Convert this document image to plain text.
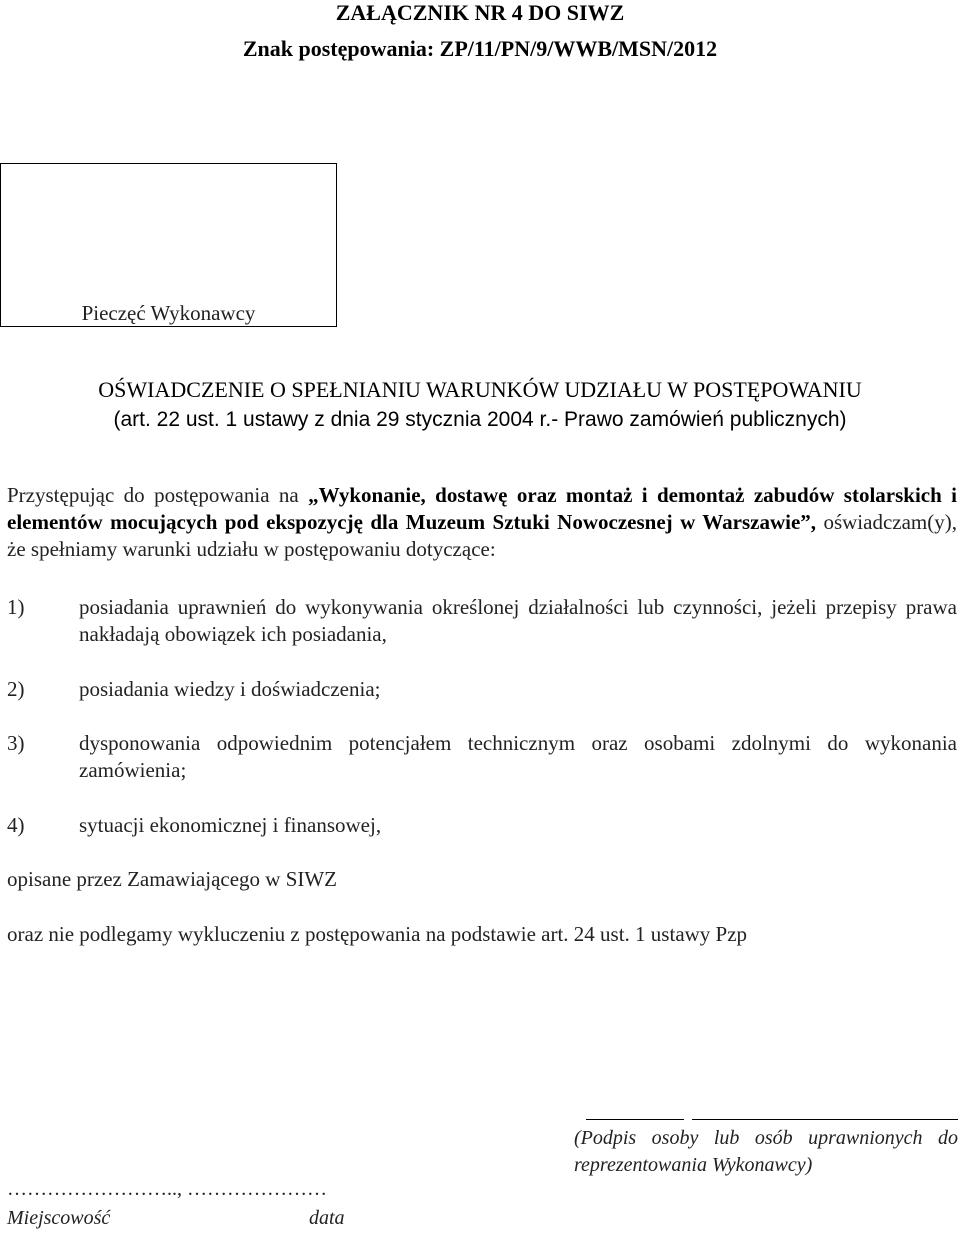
ZAŁĄCZNIK NR 4 DO SIWZ
Znak postępowania: ZP/11/PN/9/WWB/MSN/2012
Pieczęć Wykonawcy
OŚWIADCZENIE O SPEŁNIANIU WARUNKÓW UDZIAŁU W POSTĘPOWANIU
(art. 22 ust. 1 ustawy z dnia 29 stycznia 2004 r.- Prawo zamówień publicznych)
Przystępując do postępowania na „Wykonanie, dostawę oraz montaż i demontaż zabudów stolarskich i elementów mocujących pod ekspozycję dla Muzeum Sztuki Nowoczesnej w Warszawie”, oświadczam(y), że spełniamy warunki udziału w postępowaniu dotyczące:
1)	posiadania uprawnień do wykonywania określonej działalności lub czynności, jeżeli przepisy prawa nakładają obowiązek ich posiadania,
2)	posiadania wiedzy i doświadczenia;
3)	dysponowania odpowiednim potencjałem technicznym oraz osobami zdolnymi do wykonania zamówienia;
4)	sytuacji ekonomicznej i finansowej,
opisane przez Zamawiającego w SIWZ
oraz nie podlegamy wykluczeniu z postępowania na podstawie art. 24 ust. 1 ustawy Pzp
(Podpis osoby lub osób uprawnionych do reprezentowania Wykonawcy)
…………………….., …………………
Miejscowość	data
